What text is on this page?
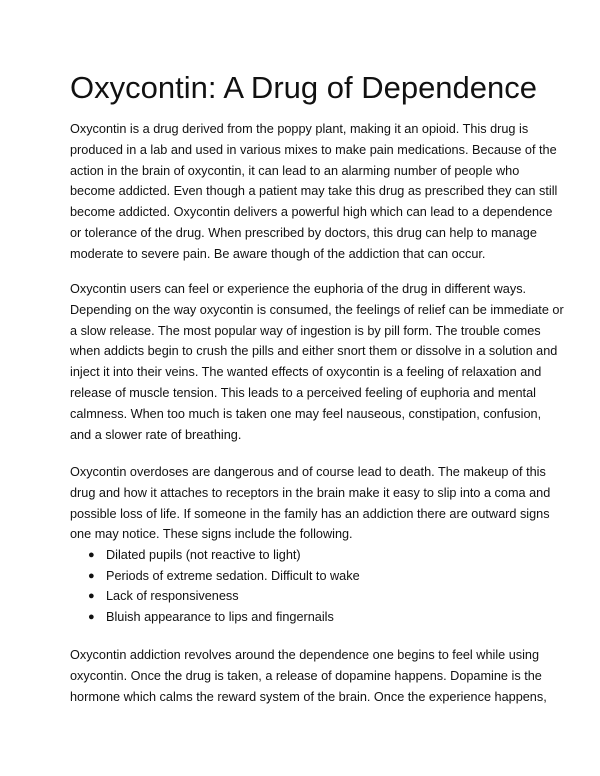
Oxycontin: A Drug of Dependence

Oxycontin is a drug derived from the poppy plant, making it an opioid. This drug is
produced in a lab and used in various mixes to make pain medications. Because of the
action in the brain of oxycontin, it can lead to an alarming number of people who
become addicted. Even though a patient may take this drug as prescribed they can still
become addicted. Oxycontin delivers a powerful high which can lead to a dependence
or tolerance of the drug. When prescribed by doctors, this drug can help to manage
moderate to severe pain. Be aware though of the addiction that can occur.

Oxycontin users can feel or experience the euphoria of the drug in different ways.
Depending on the way oxycontin is consumed, the feelings of relief can be immediate or
a slow release. The most popular way of ingestion is by pill form. The trouble comes
when addicts begin to crush the pills and either snort them or dissolve in a solution and
inject it into their veins. The wanted effects of oxycontin is a feeling of relaxation and
release of muscle tension. This leads to a perceived feeling of euphoria and mental
calmness. When too much is taken one may feel nauseous, constipation, confusion,
and a slower rate of breathing.

Oxycontin overdoses are dangerous and of course lead to death. The makeup of this
drug and how it attaches to receptors in the brain make it easy to slip into a coma and
possible loss of life. If someone in the family has an addiction there are outward signs
one may notice. These signs include the following.

● Dilated pupils (not reactive to light)
● Periods of extreme sedation. Difficult to wake
● Lack of responsiveness
● Bluish appearance to lips and fingernails

Oxycontin addiction revolves around the dependence one begins to feel while using
oxycontin. Once the drug is taken, a release of dopamine happens. Dopamine is the
hormone which calms the reward system of the brain. Once the experience happens,
